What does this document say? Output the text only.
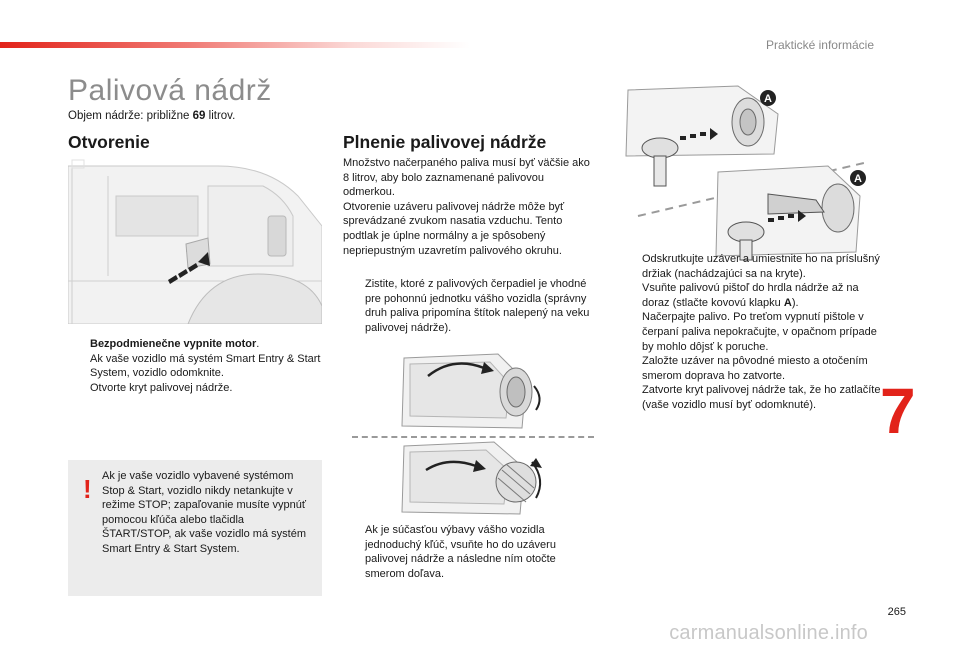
Praktické informácie
Palivová nádrž
Objem nádrže: približne 69 litrov.
Otvorenie
Bezpodmienečne vypnite motor.
Ak vaše vozidlo má systém Smart Entry & Start System, vozidlo odomknite.
Otvorte kryt palivovej nádrže.
! Ak je vaše vozidlo vybavené systémom Stop & Start, vozidlo nikdy netankujte v režime STOP; zapaľovanie musíte vypnúť pomocou kľúča alebo tlačidla ŠTART/STOP, ak vaše vozidlo má systém Smart Entry & Start System.
Plnenie palivovej nádrže

Množstvo načerpaného paliva musí byť väčšie ako 8 litrov, aby bolo zaznamenané palivovou odmerkou.

Otvorenie uzáveru palivovej nádrže môže byť sprevádzané zvukom nasatia vzduchu. Tento podtlak je úplne normálny a je spôsobený nepriepustným uzavretím palivového okruhu.

Zistite, ktoré z palivových čerpadiel je vhodné pre pohonnú jednotku vášho vozidla (správny druh paliva pripomína štítok nalepený na veku palivovej nádrže).
Ak je súčasťou výbavy vášho vozidla jednoduchý kľúč, vsuňte ho do uzáveru palivovej nádrže a následne ním otočte smerom doľava.
A
A
Odskrutkujte uzáver a umiestnite ho na príslušný držiak (nachádzajúci sa na kryte).
Vsuňte palivovú pištoľ do hrdla nádrže až na doraz (stlačte kovovú klapku A).
Načerpajte palivo. Po treťom vypnutí pištole v čerpaní paliva nepokračujte, v opačnom prípade by mohlo dôjsť k poruche.
Založte uzáver na pôvodné miesto a otočením smerom doprava ho zatvorte.
Zatvorte kryt palivovej nádrže tak, že ho zatlačíte (vaše vozidlo musí byť odomknuté). 7
265
carmanualsonline.info
